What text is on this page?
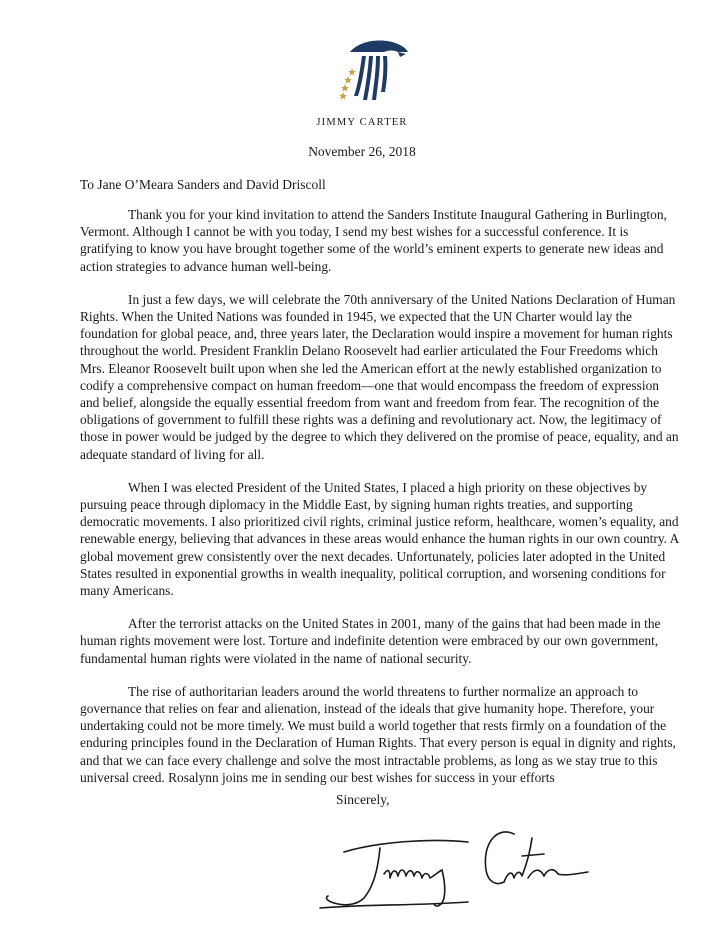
JIMMY CARTER
November 26, 2018
To Jane O’Meara Sanders and David Driscoll

Thank you for your kind invitation to attend the Sanders Institute Inaugural Gathering in Burlington, Vermont. Although I cannot be with you today, I send my best wishes for a successful conference. It is gratifying to know you have brought together some of the world’s eminent experts to generate new ideas and action strategies to advance human well-being.

In just a few days, we will celebrate the 70th anniversary of the United Nations Declaration of Human Rights. When the United Nations was founded in 1945, we expected that the UN Charter would lay the foundation for global peace, and, three years later, the Declaration would inspire a movement for human rights throughout the world. President Franklin Delano Roosevelt had earlier articulated the Four Freedoms which Mrs. Eleanor Roosevelt built upon when she led the American effort at the newly established organization to codify a comprehensive compact on human freedom—one that would encompass the freedom of expression and belief, alongside the equally essential freedom from want and freedom from fear. The recognition of the obligations of government to fulfill these rights was a defining and revolutionary act. Now, the legitimacy of those in power would be judged by the degree to which they delivered on the promise of peace, equality, and an adequate standard of living for all.

When I was elected President of the United States, I placed a high priority on these objectives by pursuing peace through diplomacy in the Middle East, by signing human rights treaties, and supporting democratic movements. I also prioritized civil rights, criminal justice reform, healthcare, women’s equality, and renewable energy, believing that advances in these areas would enhance the human rights in our own country. A global movement grew consistently over the next decades. Unfortunately, policies later adopted in the United States resulted in exponential growths in wealth inequality, political corruption, and worsening conditions for many Americans.

After the terrorist attacks on the United States in 2001, many of the gains that had been made in the human rights movement were lost. Torture and indefinite detention were embraced by our own government, fundamental human rights were violated in the name of national security.

The rise of authoritarian leaders around the world threatens to further normalize an approach to governance that relies on fear and alienation, instead of the ideals that give humanity hope. Therefore, your undertaking could not be more timely. We must build a world together that rests firmly on a foundation of the enduring principles found in the Declaration of Human Rights. That every person is equal in dignity and rights, and that we can face every challenge and solve the most intractable problems, as long as we stay true to this universal creed. Rosalynn joins me in sending our best wishes for success in your efforts

Sincerely,
